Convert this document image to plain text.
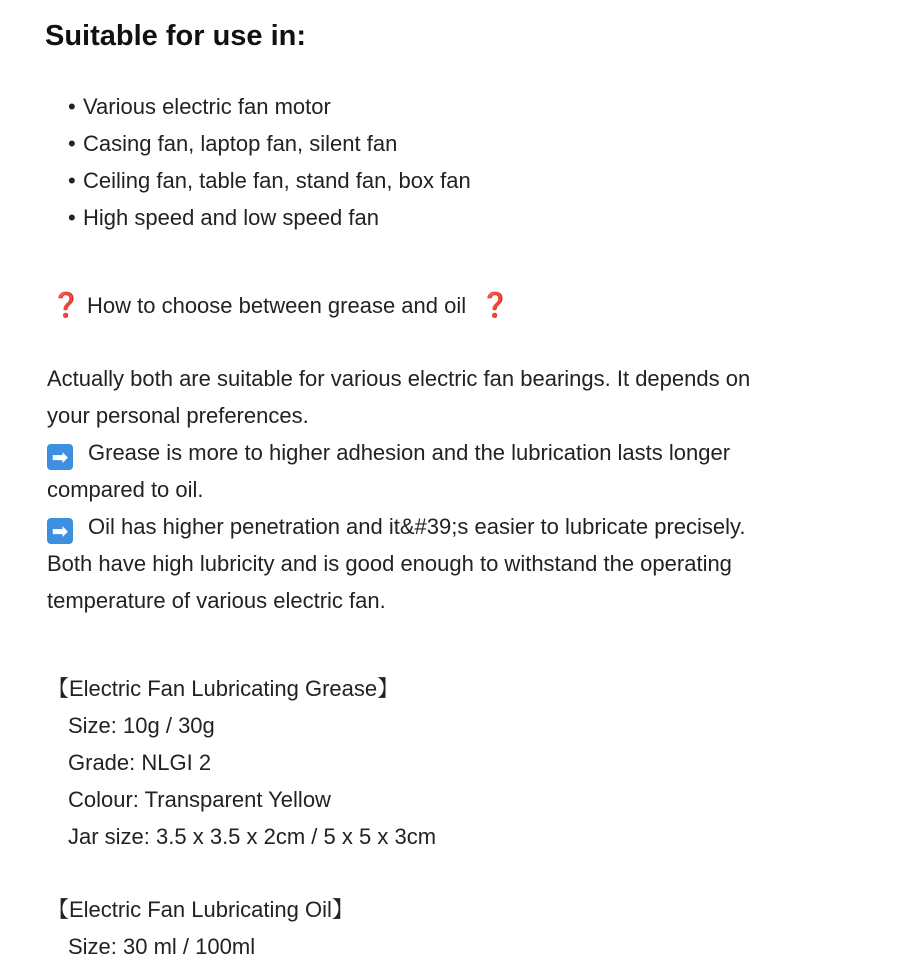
Suitable for use in:
• Various electric fan motor
• Casing fan, laptop fan, silent fan
• Ceiling fan, table fan, stand fan, box fan
• High speed and low speed fan
❓ How to choose between grease and oil ❓
Actually both are suitable for various electric fan bearings. It depends on
your personal preferences.
➡ Grease is more to higher adhesion and the lubrication lasts longer
compared to oil.
➡ Oil has higher penetration and it&#39;s easier to lubricate precisely.
Both have high lubricity and is good enough to withstand the operating
temperature of various electric fan.
【Electric Fan Lubricating Grease】
Size: 10g / 30g
Grade: NLGI 2
Colour: Transparent Yellow
Jar size: 3.5 x 3.5 x 2cm / 5 x 5 x 3cm
【Electric Fan Lubricating Oil】
Size: 30 ml / 100ml
